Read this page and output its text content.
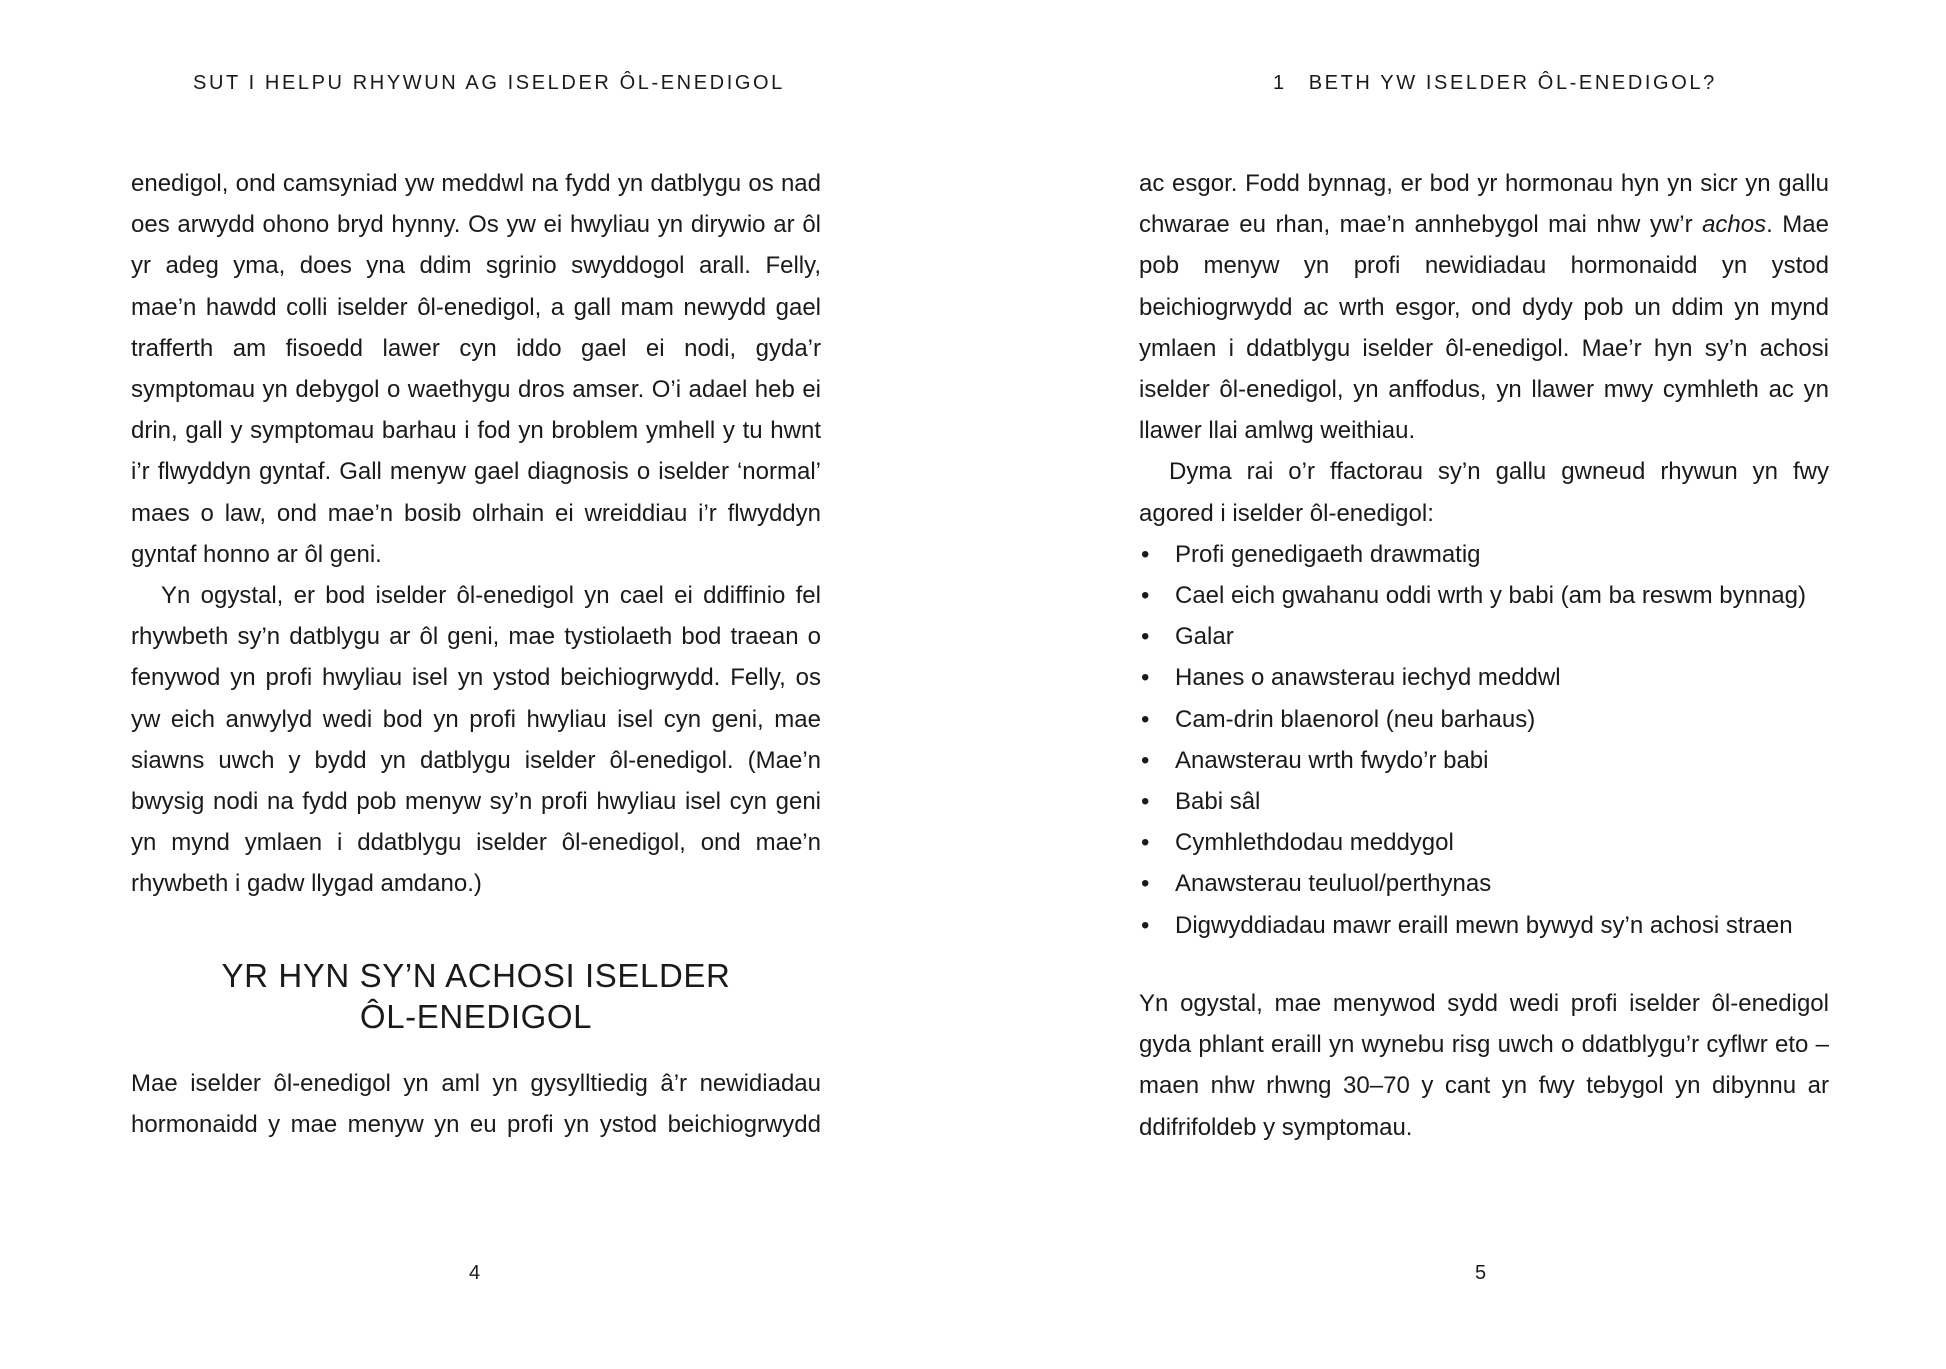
SUT I HELPU RHYWUN AG ISELDER ÔL-ENEDIGOL

enedigol, ond camsyniad yw meddwl na fydd yn datblygu os nad oes arwydd ohono bryd hynny. Os yw ei hwyliau yn dirywio ar ôl yr adeg yma, does yna ddim sgrinio swyddogol arall. Felly, mae’n hawdd colli iselder ôl-enedigol, a gall mam newydd gael trafferth am fisoedd lawer cyn iddo gael ei nodi, gyda’r symptomau yn debygol o waethygu dros amser. O’i adael heb ei drin, gall y symptomau barhau i fod yn broblem ymhell y tu hwnt i’r flwyddyn gyntaf. Gall menyw gael diagnosis o iselder ‘normal’ maes o law, ond mae’n bosib olrhain ei wreiddiau i’r flwyddyn gyntaf honno ar ôl geni.

Yn ogystal, er bod iselder ôl-enedigol yn cael ei ddiffinio fel rhywbeth sy’n datblygu ar ôl geni, mae tystiolaeth bod traean o fenywod yn profi hwyliau isel yn ystod beichiogrwydd. Felly, os yw eich anwylyd wedi bod yn profi hwyliau isel cyn geni, mae siawns uwch y bydd yn datblygu iselder ôl-enedigol. (Mae’n bwysig nodi na fydd pob menyw sy’n profi hwyliau isel cyn geni yn mynd ymlaen i ddatblygu iselder ôl-enedigol, ond mae’n rhywbeth i gadw llygad amdano.)

YR HYN SY’N ACHOSI ISELDER
ÔL-ENEDIGOL

Mae iselder ôl-enedigol yn aml yn gysylltiedig â’r newidiadau hormonaidd y mae menyw yn eu profi yn ystod beichiogrwydd

4
1 BETH YW ISELDER ÔL-ENEDIGOL?

ac esgor. Fodd bynnag, er bod yr hormonau hyn yn sicr yn gallu chwarae eu rhan, mae’n annhebygol mai nhw yw’r achos. Mae pob menyw yn profi newidiadau hormonaidd yn ystod beichiogrwydd ac wrth esgor, ond dydy pob un ddim yn mynd ymlaen i ddatblygu iselder ôl-enedigol. Mae’r hyn sy’n achosi iselder ôl-enedigol, yn anffodus, yn llawer mwy cymhleth ac yn llawer llai amlwg weithiau.

Dyma rai o’r ffactorau sy’n gallu gwneud rhywun yn fwy agored i iselder ôl-enedigol:

• Profi genedigaeth drawmatig
• Cael eich gwahanu oddi wrth y babi (am ba reswm bynnag)
• Galar
• Hanes o anawsterau iechyd meddwl
• Cam-drin blaenorol (neu barhaus)
• Anawsterau wrth fwydo’r babi
• Babi sâl
• Cymhlethdodau meddygol
• Anawsterau teuluol/perthynas
• Digwyddiadau mawr eraill mewn bywyd sy’n achosi straen

Yn ogystal, mae menywod sydd wedi profi iselder ôl-enedigol gyda phlant eraill yn wynebu risg uwch o ddatblygu’r cyflwr eto – maen nhw rhwng 30–70 y cant yn fwy tebygol yn dibynnu ar ddifrifoldeb y symptomau.

5
